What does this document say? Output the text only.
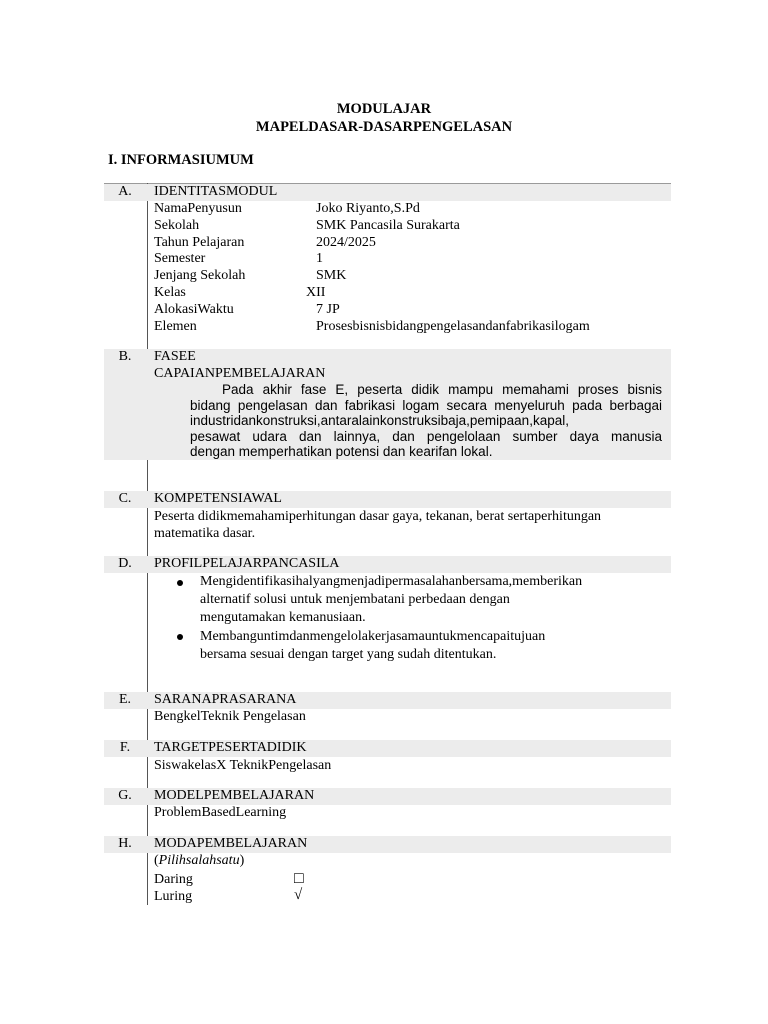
MODULAJAR
MAPELDASAR-DASARPENGELASAN
I. INFORMASIUMUM
A.	IDENTITASMODUL
NamaPenyusun	Joko Riyanto,S.Pd
Sekolah	SMK Pancasila Surakarta
Tahun Pelajaran	2024/2025
Semester	1
Jenjang Sekolah	SMK
Kelas	XII
AlokasiWaktu	7 JP
Elemen	Prosesbisnisbidangpengelasandanfabrikasilogam
B.	FASEE
CAPAIANPEMBELAJARAN
Pada akhir fase E, peserta didik mampu memahami proses bisnis
bidang pengelasan dan fabrikasi logam secara menyeluruh pada berbagai
industridankonstruksi,antaralainkonstruksibaja,pemipaan,kapal,
pesawat udara dan lainnya, dan pengelolaan sumber daya manusia
dengan memperhatikan potensi dan kearifan lokal.
C.	KOMPETENSIAWAL
Peserta didikmemahamiperhitungan dasar gaya, tekanan, berat sertaperhitungan
matematika dasar.
D.	PROFILPELAJARPANCASILA
Mengidentifikasihalyangmenjadipermasalahanbersama,memberikan
alternatif solusi untuk menjembatani perbedaan dengan
mengutamakan kemanusiaan.
Membanguntimdanmengelolakerjasamauntukmencapaitujuan
bersama sesuai dengan target yang sudah ditentukan.
E.	SARANAPRASARANA
BengkelTeknik Pengelasan
F.	TARGETPESERTADIDIK
SiswakelasX TeknikPengelasan
G.	MODELPEMBELAJARAN
ProblemBasedLearning
H.	MODAPEMBELAJARAN
(Pilihsalahsatu)
Daring	□
Luring	√
